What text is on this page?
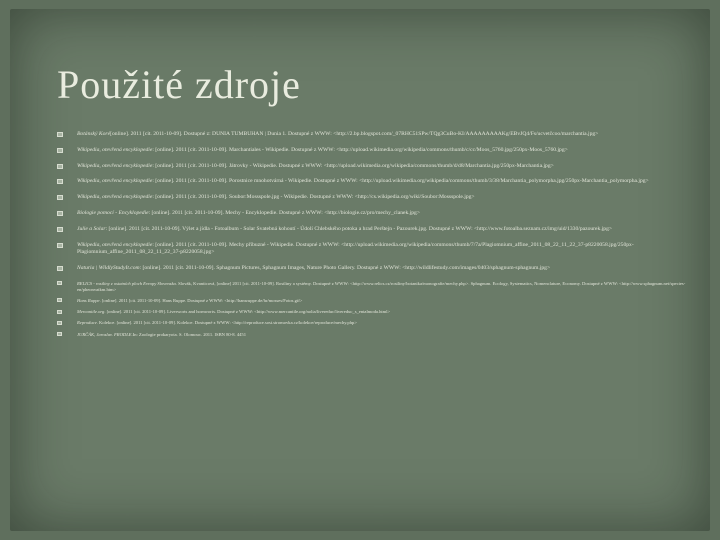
Použité zdroje
Botánský Koré[online]. 2011 [cit. 2011-10-09]. Dostupné z: DUNIA TUMBUHAN | Dunia 1. Dostupné z WWW: <http://2.bp.blogspot.com/_07RHC51SPw/TQg3CuBo-KI/AAAAAAAAAKg/EBvJQ4/Fs/ucvetčcoo/marchantia.jpg>
Wikipedia, otevřená encyklopedie: [online]. 2011 [cit. 2011-10-09]. Marchantiales - Wikipedie. Dostupné z WWW: <http://upload.wikimedia.org/wikipedia/commons/thumb/c/cc/Moos_5760.jpg/250px-Moos_5760.jpg>
Wikipedia, otevřená encyklopedie: [online]. 2011 [cit. 2011-10-09]. Játrovky - Wikipedie. Dostupné z WWW: <http://upload.wikimedia.org/wikipedia/commons/thumb/d/d8/Marchantia.jpg/250px-Marchantia.jpg>
Wikipedia, otevřená encyklopedie: [online]. 2011 [cit. 2011-10-09]. Porostnice mnohotvárná - Wikipedie. Dostupné z WWW: <http://upload.wikimedia.org/wikipedia/commons/thumb/3/38/Marchantia_polymorpha.jpg/250px-Marchantia_polymorpha.jpg>
Wikipedia, otevřená encyklopedie: [online]. 2011 [cit. 2011-10-09]. Soubor:Mossspole.jpg - Wikipedie. Dostupné z WWW: <http://cs.wikipedia.org/wiki/Soubor:Mossspole.jpg>
Biologie pomocí - Encyklopedie: [online]. 2011 [cit. 2011-10-09]. Mechy - Encyklopedie. Dostupné z WWW: <http://biologie.cz/pro/mechy_clanek.jpg>
Julie a Solar: [online]. 2011 [cit. 2011-10-09]. Výlet a jídla - Fotoalbum - Solar Svatebná kohoutí - Údolí Chlebského potoka a hrad Perštejn - Pazourek.jpg. Dostupné z WWW: <http://www.fotoalba.seznam.cz/img/uid/1330/pazourek.jpg>
Wikipedia, otevřená encyklopedie: [online]. 2011 [cit. 2011-10-09]. Mechy příbuzné - Wikipedie. Dostupné z WWW: <http://upload.wikimedia.org/wikipedia/commons/thumb/7/7a/Plagiomnium_affine_2011_08_22_11_22_37-p8220058.jpg/250px-Plagiomnium_affine_2011_08_22_11_22_37-p8220058.jpg>
Naturia | WildlyStudyIt.com: [online]. 2011 [cit. 2011-10-09]. Sphagnum Pictures, Sphagnum Images, Nature Photo Gallery. Dostupné z WWW: <http://wildlifestudy.com/images/0403/sphagnum-sphagnum.jpg>
RELICS - rostliny z ostatních ploch Evropy Slovenska. Slovák, Kvanticová, [online] 2011 [cit. 2011-10-09]. Rostliny a systémy. Dostupné z WWW: <http://www.relics.cz/rostliny/botanika/monografie/mechy.php>. Sphagnum. Ecology, Systematics, Nomenclature, Economy. Dostupné z WWW: <http://www.sphagnum.net/species-en/pheonvatkm.htm>
Hans Ruppe. [online]. 2011 [cit. 2011-10-09]. Hans Ruppe. Dostupné z WWW: <http://hansruppe.de/hr/mosses/Fotos.gif>
Mercantile.org. [online]. 2011 [cit. 2011-10-09]. Liverworts and hornworts. Dostupné z WWW: <http://www.mercantile.org/nolia/livereduc/livereduc_s_entalmoda.html>
Reproduce. Kolekce. [online]. 2011 [cit. 2011-10-09]. Kolekce. Dostupné z WWW: <http://reproduce.sosi.stromovka.cz/kolekce/reproduce/mechy.php>
JURČÁK, Jaroslav. FRODLE.In: Zoologie prokaryota. S. Olomouc. 2011. ISBN 80-8. 4451
